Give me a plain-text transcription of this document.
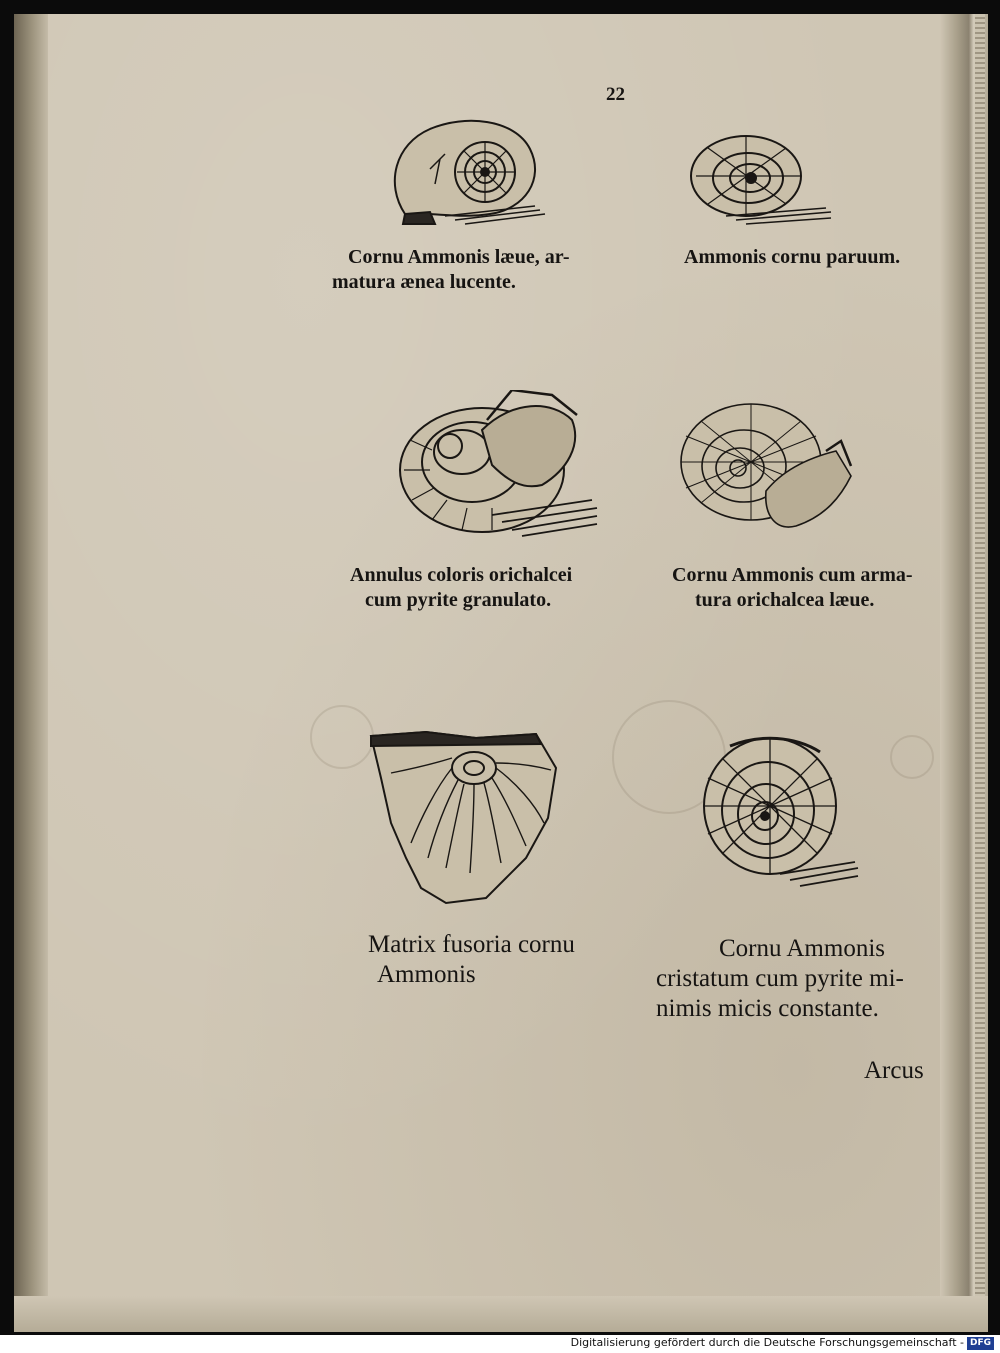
22
Cornu Ammonis læue, ar-
matura ænea lucente.
Ammonis cornu paruum.
Annulus coloris orichalcei
cum pyrite granulato.
Cornu Ammonis cum arma-
tura orichalcea læue.
Matrix fusoria cornu
Ammonis
Cornu Ammonis
cristatum cum pyrite mi-
nimis micis constante.
Arcus
Digitalisierung gefördert durch die Deutsche Forschungsgemeinschaft - DFG
